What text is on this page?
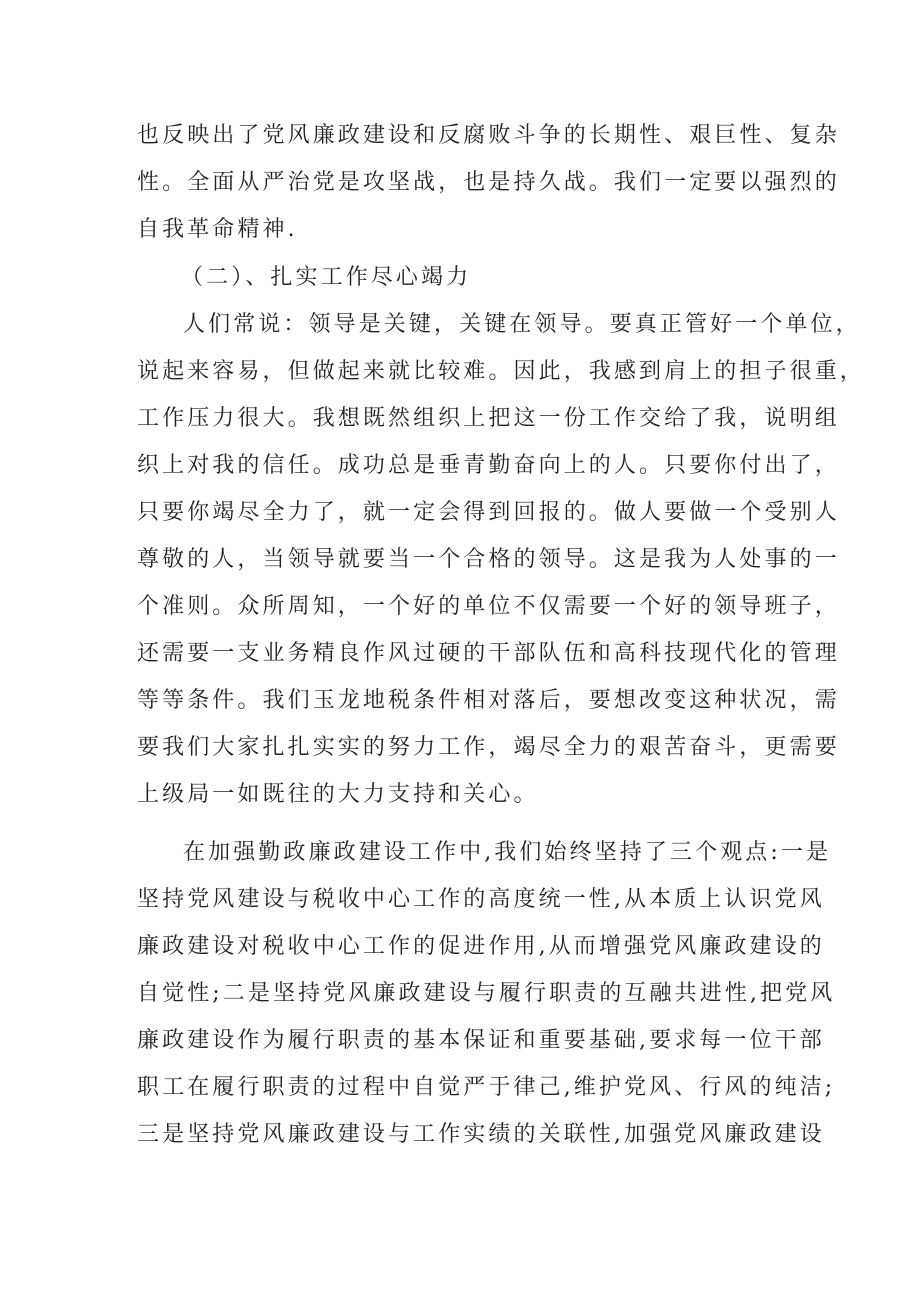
也反映出了党风廉政建设和反腐败斗争的长期性、艰巨性、复杂
性。全面从严治党是攻坚战，也是持久战。我们一定要以强烈的
自我革命精神.
（二）、扎实工作尽心竭力
人们常说：领导是关键，关键在领导。要真正管好一个单位，
说起来容易，但做起来就比较难。因此，我感到肩上的担子很重，
工作压力很大。我想既然组织上把这一份工作交给了我，说明组
织上对我的信任。成功总是垂青勤奋向上的人。只要你付出了，
只要你竭尽全力了，就一定会得到回报的。做人要做一个受别人
尊敬的人，当领导就要当一个合格的领导。这是我为人处事的一
个准则。众所周知，一个好的单位不仅需要一个好的领导班子，
还需要一支业务精良作风过硬的干部队伍和高科技现代化的管理
等等条件。我们玉龙地税条件相对落后，要想改变这种状况，需
要我们大家扎扎实实的努力工作，竭尽全力的艰苦奋斗，更需要
上级局一如既往的大力支持和关心。
在加强勤政廉政建设工作中,我们始终坚持了三个观点:一是
坚持党风建设与税收中心工作的高度统一性,从本质上认识党风
廉政建设对税收中心工作的促进作用,从而增强党风廉政建设的
自觉性;二是坚持党风廉政建设与履行职责的互融共进性,把党风
廉政建设作为履行职责的基本保证和重要基础,要求每一位干部
职工在履行职责的过程中自觉严于律己,维护党风、行风的纯洁;
三是坚持党风廉政建设与工作实绩的关联性,加强党风廉政建设
